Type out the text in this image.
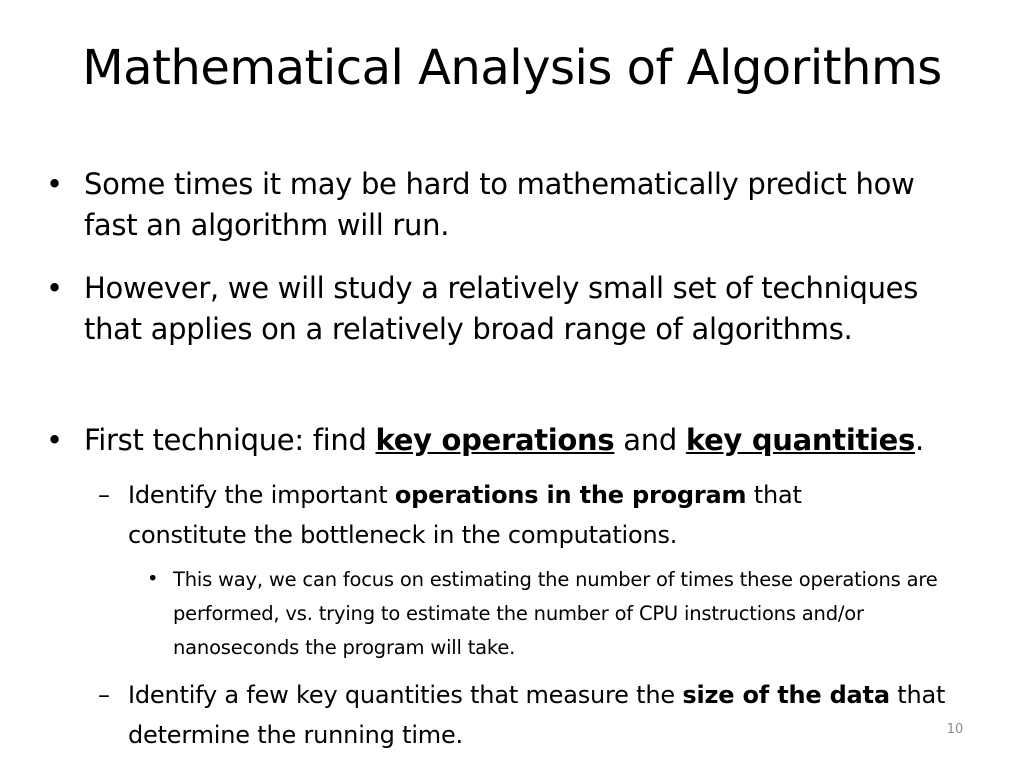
Mathematical Analysis of Algorithms
• Some times it may be hard to mathematically predict how fast an algorithm will run.
• However, we will study a relatively small set of techniques that applies on a relatively broad range of algorithms.
• First technique: find key operations and key quantities.
– Identify the important operations in the program that constitute the bottleneck in the computations.
• This way, we can focus on estimating the number of times these operations are performed, vs. trying to estimate the number of CPU instructions and/or nanoseconds the program will take.
– Identify a few key quantities that measure the size of the data that determine the running time.	10
